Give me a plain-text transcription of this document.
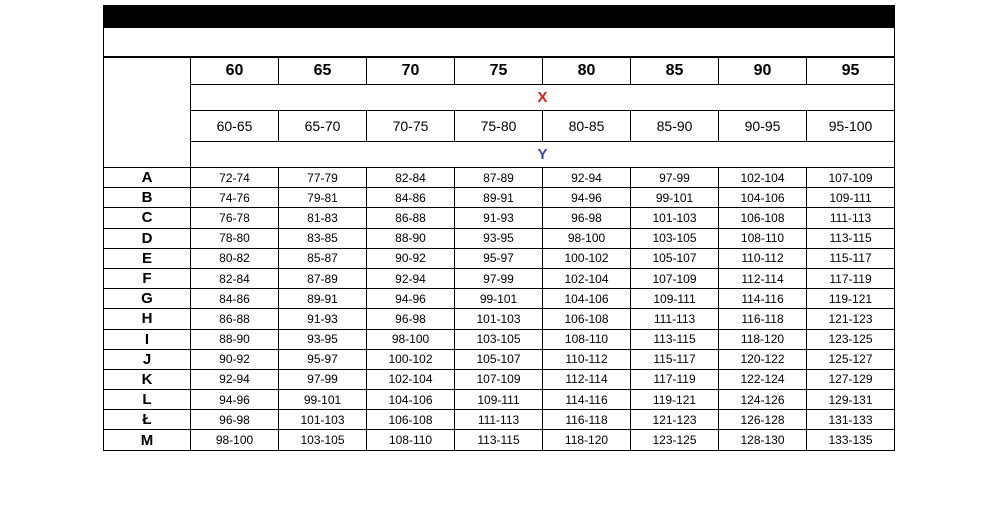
	60	65	70	75	80	85	90	95
	X							
	60-65	65-70	70-75	75-80	80-85	85-90	90-95	95-100
	Y							
A	72-74	77-79	82-84	87-89	92-94	97-99	102-104	107-109
B	74-76	79-81	84-86	89-91	94-96	99-101	104-106	109-111
C	76-78	81-83	86-88	91-93	96-98	101-103	106-108	111-113
D	78-80	83-85	88-90	93-95	98-100	103-105	108-110	113-115
E	80-82	85-87	90-92	95-97	100-102	105-107	110-112	115-117
F	82-84	87-89	92-94	97-99	102-104	107-109	112-114	117-119
G	84-86	89-91	94-96	99-101	104-106	109-111	114-116	119-121
H	86-88	91-93	96-98	101-103	106-108	111-113	116-118	121-123
I	88-90	93-95	98-100	103-105	108-110	113-115	118-120	123-125
J	90-92	95-97	100-102	105-107	110-112	115-117	120-122	125-127
K	92-94	97-99	102-104	107-109	112-114	117-119	122-124	127-129
L	94-96	99-101	104-106	109-111	114-116	119-121	124-126	129-131
Ł	96-98	101-103	106-108	111-113	116-118	121-123	126-128	131-133
M	98-100	103-105	108-110	113-115	118-120	123-125	128-130	133-135
